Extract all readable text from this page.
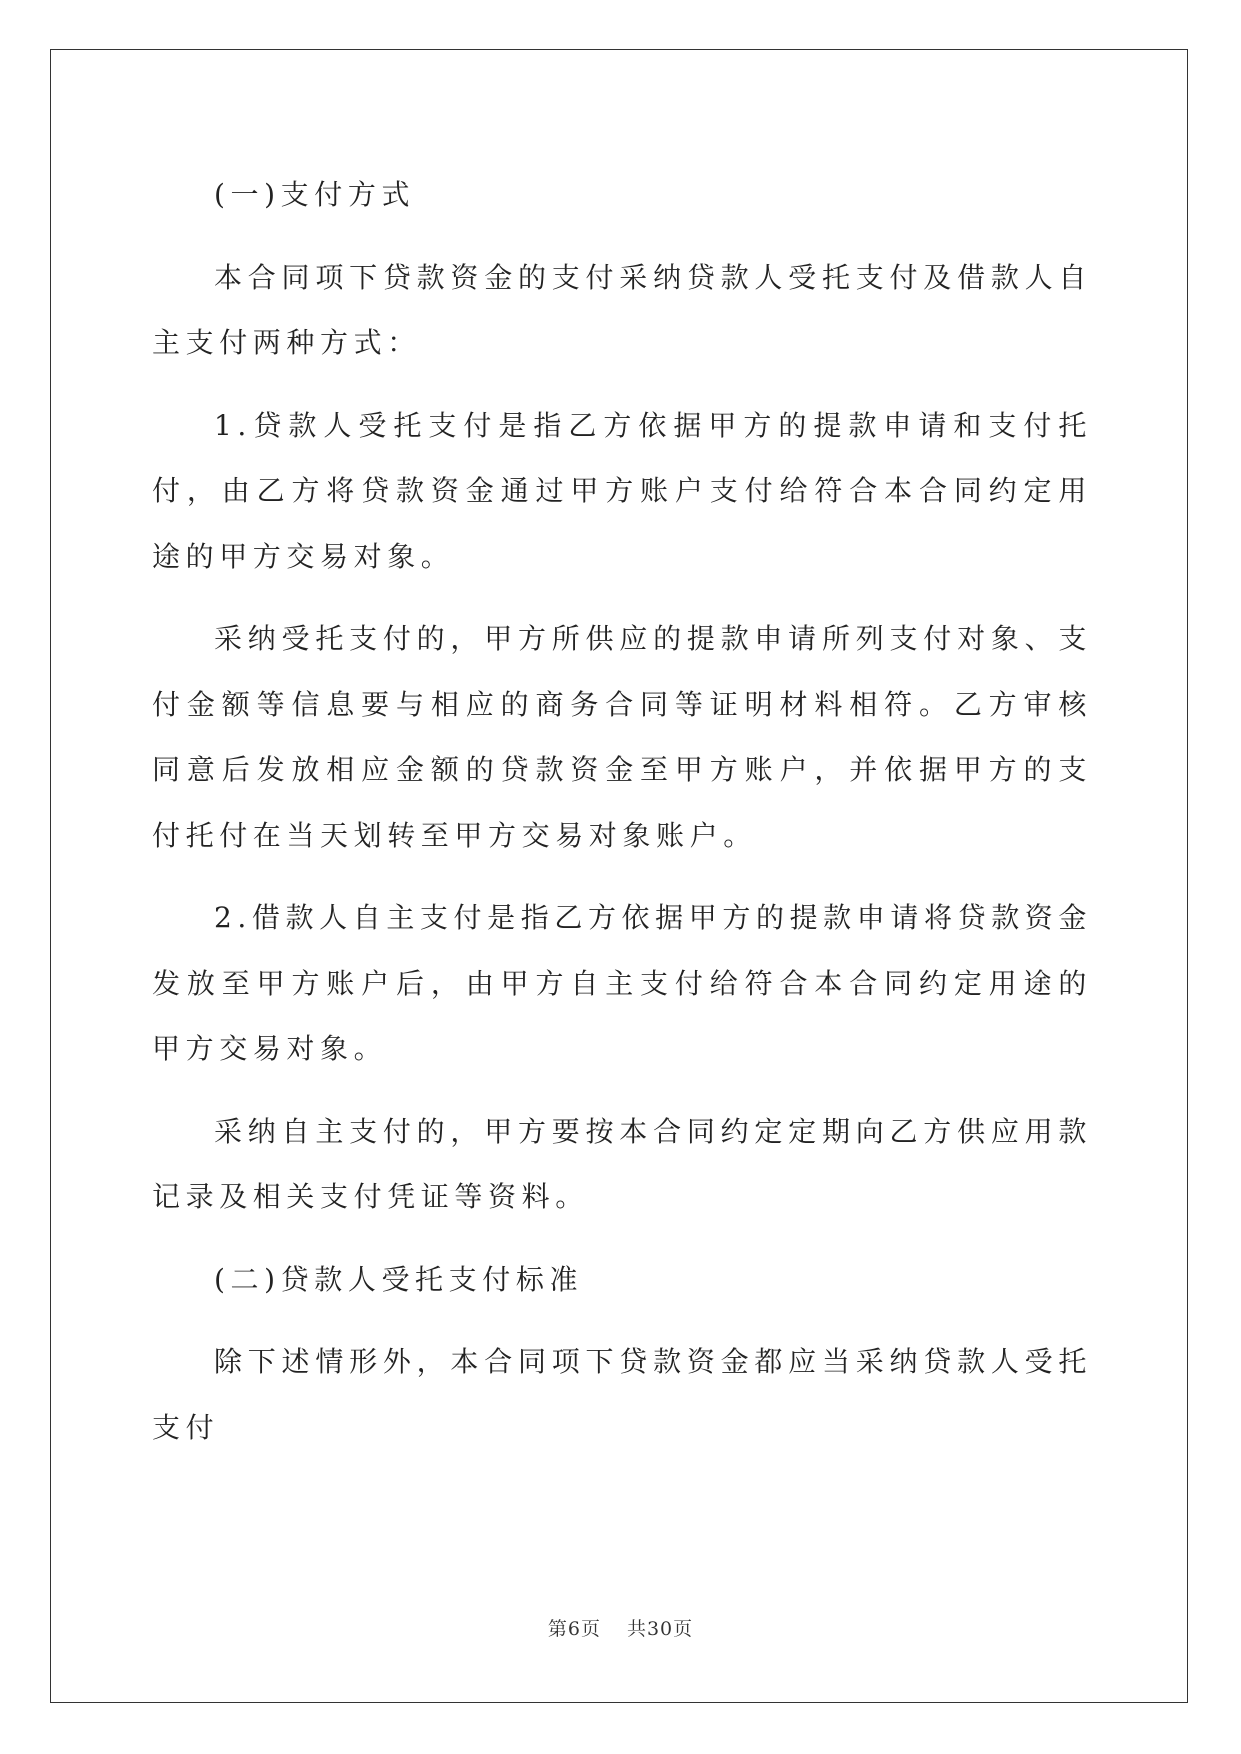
(一)支付方式

本合同项下贷款资金的支付采纳贷款人受托支付及借款人自主支付两种方式：

1.贷款人受托支付是指乙方依据甲方的提款申请和支付托付，由乙方将贷款资金通过甲方账户支付给符合本合同约定用途的甲方交易对象。

采纳受托支付的，甲方所供应的提款申请所列支付对象、支付金额等信息要与相应的商务合同等证明材料相符。乙方审核同意后发放相应金额的贷款资金至甲方账户，并依据甲方的支付托付在当天划转至甲方交易对象账户。

2.借款人自主支付是指乙方依据甲方的提款申请将贷款资金发放至甲方账户后，由甲方自主支付给符合本合同约定用途的甲方交易对象。

采纳自主支付的，甲方要按本合同约定定期向乙方供应用款记录及相关支付凭证等资料。

(二)贷款人受托支付标准

除下述情形外，本合同项下贷款资金都应当采纳贷款人受托支付

第6页 共30页
